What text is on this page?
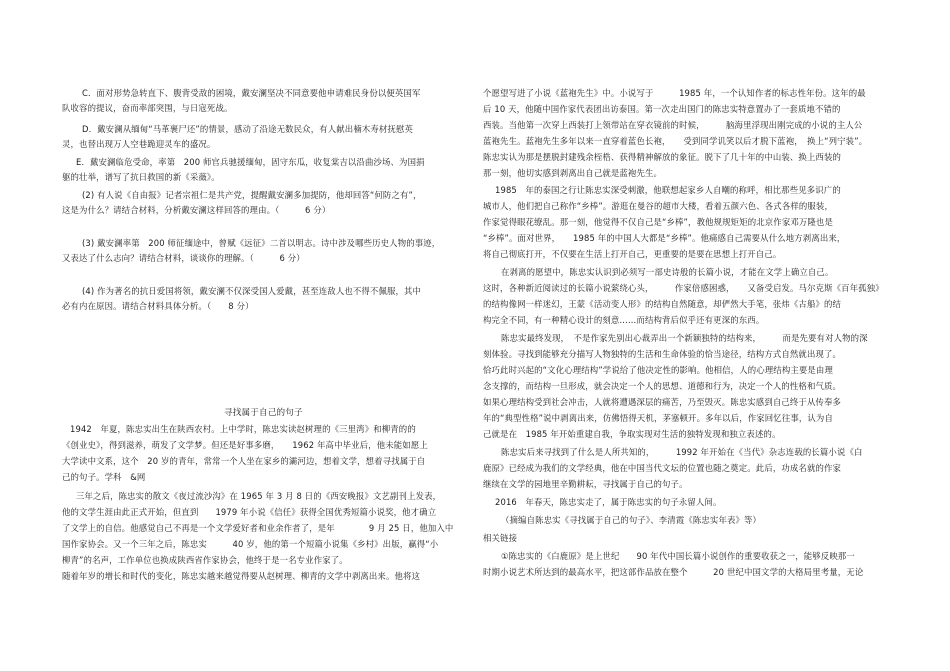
C．面对形势急转直下、腹背受敌的困境，戴安澜坚决不同意要他申请难民身份以便英国军
队收容的提议，奋而率部突围，与日寇死战。
D．戴安澜从缅甸“马革裹尸还”的情景，感动了沿途无数民众，有人献出楠木寿材抚慰英
灵，也替出现万人空巷跪迎灵车的盛况。
E．戴安澜临危受命，率第　200 师官兵驰援缅甸，固守东瓜，收复棠吉以沿曲沙场、为国捐
躯的壮举，谱写了抗日救国的新《采薇》。
(2) 有人说《自由报》记者宗祖仁是共产党，提醒戴安澜多加提防，他却回答“何防之有”，
这是为什么？请结合材料，分析戴安澜这样回答的理由。（　　　6 分）
(3) 戴安澜率第　200 师征缅途中，曾赋《远征》二首以明志。诗中涉及哪些历史人物的事迹，
又表达了什么志向？请结合材料，谈谈你的理解。（　　　6 分）
(4) 作为著名的抗日爱国将领，戴安澜不仅深受国人爱戴，甚至连敌人也不得不佩服，其中
必有内在原因。请结合材料具体分析。（　　8 分）
寻找属于自己的句子
1942　年夏，陈忠实出生在陕西农村。上中学时，陈忠实读赵树理的《三里湾》和柳青的的
《创业史》，得到滋养，萌发了文学梦。但还是好事多磨，　　1962 年高中毕业后，他未能如愿上
大学读中文系，这个　20 岁的青年，常常一个人坐在家乡的灞河边，想着文学，想着寻找属于自
己的句子。学科　&网
三年之后，陈忠实的散文《夜过流沙沟》在 1965 年 3 月 8 日的《西安晚报》文艺副刊上发表，
他的文学生涯由此正式开始，但直到　　1979 年小说《信任》获得全国优秀短篇小说奖，他才确立
了文学上的自信。他感觉自己不再是一个文学爱好者和业余作者了，是年　　　　9 月 25 日，他加入中
国作家协会。又一个三年之后，陈忠实　　　40 岁，他的第一个短篇小说集《乡村》出版，赢得“小
柳青”的名声，工作单位也换成陕西省作家协会，他终于是一名专业作家了。
随着年岁的增长和时代的变化，陈忠实越来越觉得要从赵树理、柳青的文学中剥离出来。他将这
个愿望写进了小说《蓝袍先生》中。小说写于　　　1985 年，一个认知作者的标志性年份。这年的最
后 10 天，他随中国作家代表团出访泰国。第一次走出国门的陈忠实特意置办了一套质地不错的
西装。当他第一次穿上西装打上领带站在穿衣镜前的时候，　　　脑海里浮现出刚完成的小说的主人公
蓝袍先生。蓝袍先生多年以来一直穿着蓝色长袍，　　受到同学讥笑以后才脱下蓝袍，　换上“列宁装”。
陈忠实认为那是摆脱封建残余桎梏、获得精神解放的象征。脱下了几十年的中山装、换上西装的
那一刻，他切实感到剥离出自己就是蓝袍先生。
1985　年的泰国之行让陈忠实深受刺激，他联想起家乡人自嘲的称呼，相比那些见多识广的
城市人，他们把自己称作“乡棒”。游逛在曼谷的超市大楼，看着五颜六色、各式各样的服装，
作家觉得眼花缭乱。那一刻，他觉得不仅自己是“乡棒”，教他规规矩矩的北京作家邓万隆也是
“乡棒”。面对世界，　　1985 年的中国人大都是“乡棒”。他痛感自己需要从什么地方剥离出来，
将自己彻底打开，不仅要在生活上打开自己，更重要的是要在思想上打开自己。
在剥离的愿望中，陈忠实认识到必须写一部史诗般的长篇小说，才能在文学上确立自己。
这时，各种新近阅读过的长篇小说萦绕心头，　　　作家倍感困惑，　　又备受启发。马尔克斯《百年孤独》
的结构像网一样迷幻，王蒙《活动变人形》的结构自然随意，却俨然大手笔，张炜《古船》的结
构完全不同，有一种精心设计的刻意……而结构背后似乎还有更深的东西。
陈忠实最终发现，　不是作家先别出心裁弄出一个新颖独特的结构来，　　　而是先要有对人物的深
刻体验。寻找到能够充分描写人物独特的生活和生命体验的恰当途径，结构方式自然就出现了。
恰巧此时兴起的“文化心理结构”学说给了他决定性的影响。他相信，人的心理结构主要是由理
念支撑的，而结构一旦形成，就会决定一个人的思想、道德和行为，决定一个人的性格和气质。
如果心理结构受到社会冲击，人就将遭遇深层的痛苦，乃至毁灭。陈忠实感到自己终于从传奉多
年的“典型性格”说中剥离出来，仿佛悟得天机，茅塞顿开。多年以后，作家回忆往事，认为自
己就是在　1985 年开始重建自我，争取实现对生活的独特发现和独立表述的。
陈忠实后来寻找到了什么是人所共知的，　　　1992 年开始在《当代》杂志连载的长篇小说《白
鹿原》已经成为我们的文学经典，他在中国当代文坛的位置也随之奠定。此后，功成名就的作家
继续在文学的园地里辛勤耕耘，寻找属于自己的句子。
2016　年春天，陈忠实走了，属于陈忠实的句子永留人间。
（摘编自陈忠实《寻找属于自己的句子》、李清霞《陈忠实年表》等）
相关链接
①陈忠实的《白鹿原》是上世纪　　90 年代中国长篇小说创作的重要收获之一，能够反映那一
时期小说艺术所达到的最高水平，把这部作品放在整个　　　20 世纪中国文学的大格局里考量，无论
